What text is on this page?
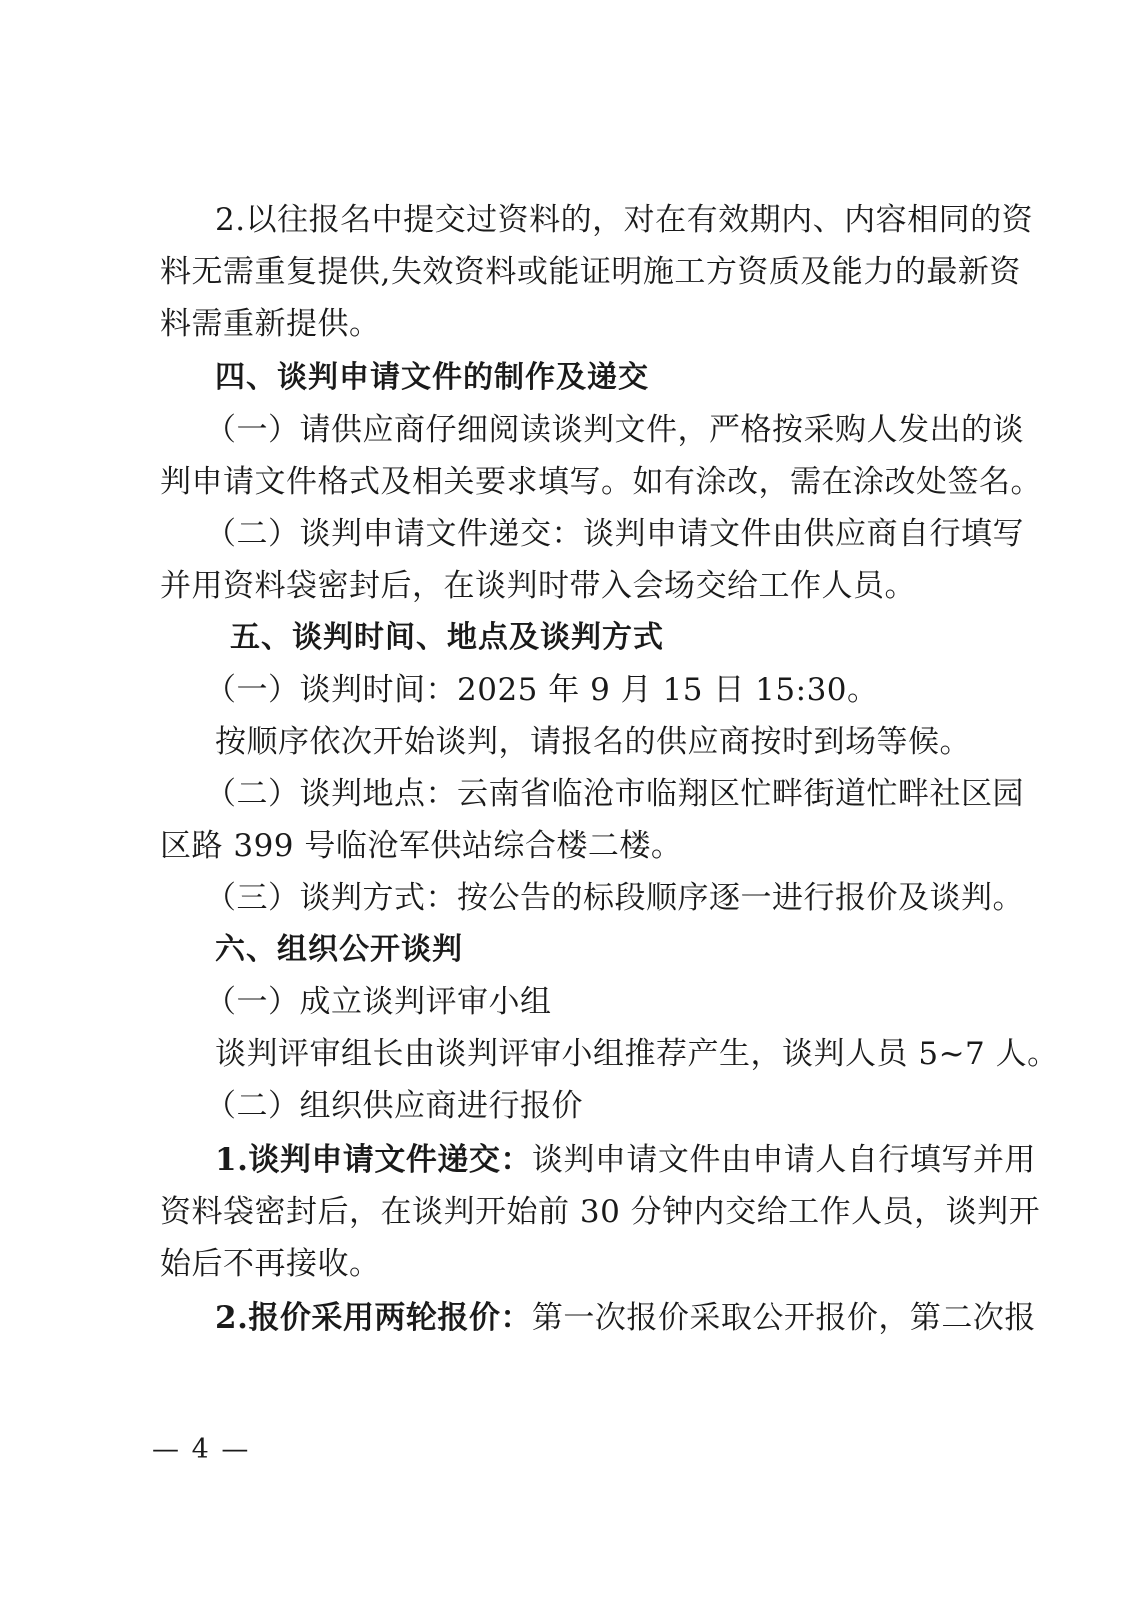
2.以往报名中提交过资料的，对在有效期内、内容相同的资
料无需重复提供,失效资料或能证明施工方资质及能力的最新资
料需重新提供。
四、谈判申请文件的制作及递交
（一）请供应商仔细阅读谈判文件，严格按采购人发出的谈
判申请文件格式及相关要求填写。如有涂改，需在涂改处签名。
（二）谈判申请文件递交：谈判申请文件由供应商自行填写
并用资料袋密封后，在谈判时带入会场交给工作人员。
五、谈判时间、地点及谈判方式
（一）谈判时间：2025 年 9 月 15 日 15:30。
按顺序依次开始谈判，请报名的供应商按时到场等候。
（二）谈判地点：云南省临沧市临翔区忙畔街道忙畔社区园
区路 399 号临沧军供站综合楼二楼。
（三）谈判方式：按公告的标段顺序逐一进行报价及谈判。
六、组织公开谈判
（一）成立谈判评审小组
谈判评审组长由谈判评审小组推荐产生，谈判人员 5~7 人。
（二）组织供应商进行报价
1.谈判申请文件递交：谈判申请文件由申请人自行填写并用
资料袋密封后，在谈判开始前 30 分钟内交给工作人员，谈判开
始后不再接收。
2.报价采用两轮报价：第一次报价采取公开报价，第二次报
— 4 —
